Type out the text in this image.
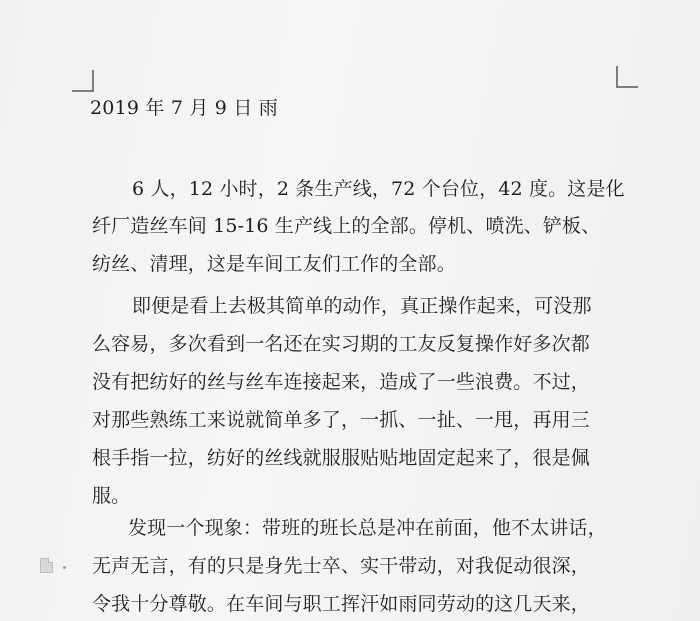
2019 年 7 月 9 日 雨
6 人，12 小时，2 条生产线，72 个台位，42 度。这是化
纤厂造丝车间 15-16 生产线上的全部。停机、喷洗、铲板、
纺丝、清理，这是车间工友们工作的全部。
即便是看上去极其简单的动作，真正操作起来，可没那
么容易，多次看到一名还在实习期的工友反复操作好多次都
没有把纺好的丝与丝车连接起来，造成了一些浪费。不过，
对那些熟练工来说就简单多了，一抓、一扯、一甩，再用三
根手指一拉，纺好的丝线就服服贴贴地固定起来了，很是佩
服。
发现一个现象：带班的班长总是冲在前面，他不太讲话，
无声无言，有的只是身先士卒、实干带动，对我促动很深，
令我十分尊敬。在车间与职工挥汗如雨同劳动的这几天来，
